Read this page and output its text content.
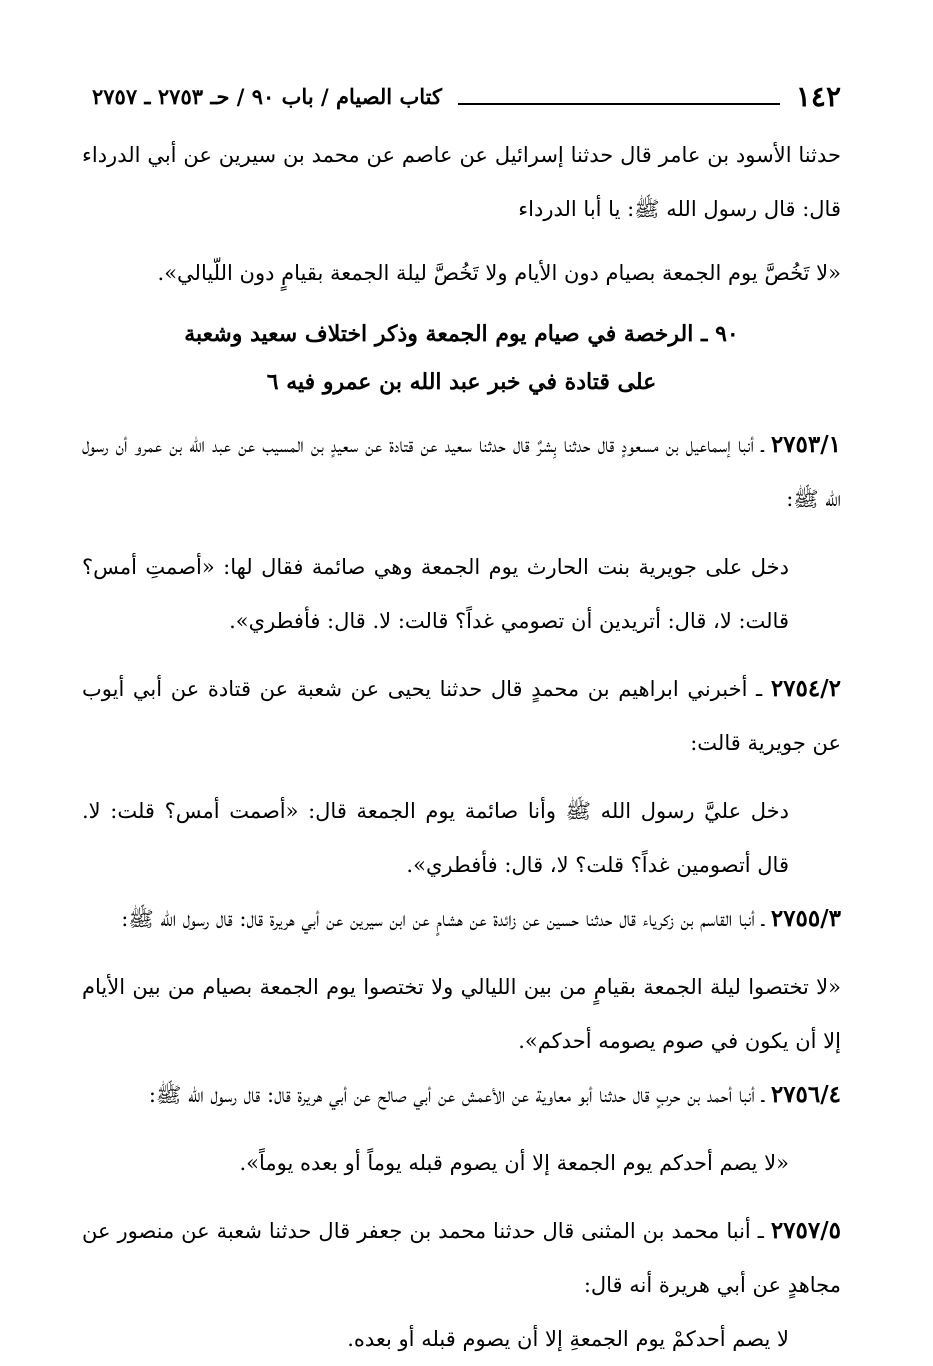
١٤٢
كتاب الصيام / باب ٩٠ / حـ ٢٧٥٣ ـ ٢٧٥٧

حدثنا الأسود بن عامر قال حدثنا إسرائيل عن عاصم عن محمد بن سيرين عن أبي الدرداء قال: قال رسول الله ﷺ: يا أبا الدرداء

«لا تَخُصَّ يوم الجمعة بصيام دون الأيام ولا تَخُصَّ ليلة الجمعة بقيامٍ دون اللّيالي».

٩٠ ـ الرخصة في صيام يوم الجمعة وذكر اختلاف سعيد وشعبة
على قتادة في خبر عبد الله بن عمرو فيه ٦

٢٧٥٣/١ ـ أنبا إسماعيل بن مسعودٍ قال حدثنا بِشرٌ قال حدثنا سعيد عن قتادة عن سعيدٍ بن المسيب عن عبد الله بن عمرو أن رسول الله ﷺ:

دخل على جويرية بنت الحارث يوم الجمعة وهي صائمة فقال لها: «أصمتِ أمس؟ قالت: لا، قال: أتريدين أن تصومي غداً؟ قالت: لا. قال: فأفطري».

٢٧٥٤/٢ ـ أخبرني ابراهيم بن محمدٍ قال حدثنا يحيى عن شعبة عن قتادة عن أبي أيوب عن جويرية قالت:

دخل عليَّ رسول الله ﷺ وأنا صائمة يوم الجمعة قال: «أصمت أمس؟ قلت: لا. قال أتصومين غداً؟ قلت؟ لا، قال: فأفطري».

٢٧٥٥/٣ ـ أنبا القاسم بن زكرياء قال حدثنا حسين عن زائدة عن هشامٍ عن ابن سيرين عن أبي هريرة قال: قال رسول الله ﷺ:

«لا تختصوا ليلة الجمعة بقيامٍ من بين الليالي ولا تختصوا يوم الجمعة بصيام من بين الأيام إلا أن يكون في صوم يصومه أحدكم».

٢٧٥٦/٤ ـ أنبا أحمد بن حربٍ قال حدثنا أبو معاوية عن الأعمش عن أبي صالح عن أبي هريرة قال: قال رسول الله ﷺ:

«لا يصم أحدكم يوم الجمعة إلا أن يصوم قبله يوماً أو بعده يوماً».

٢٧٥٧/٥ ـ أنبا محمد بن المثنى قال حدثنا محمد بن جعفر قال حدثنا شعبة عن منصور عن مجاهدٍ عن أبي هريرة أنه قال:

لا يصم أحدكمْ يوم الجمعةِ إلا أن يصوم قبله أو بعده.
